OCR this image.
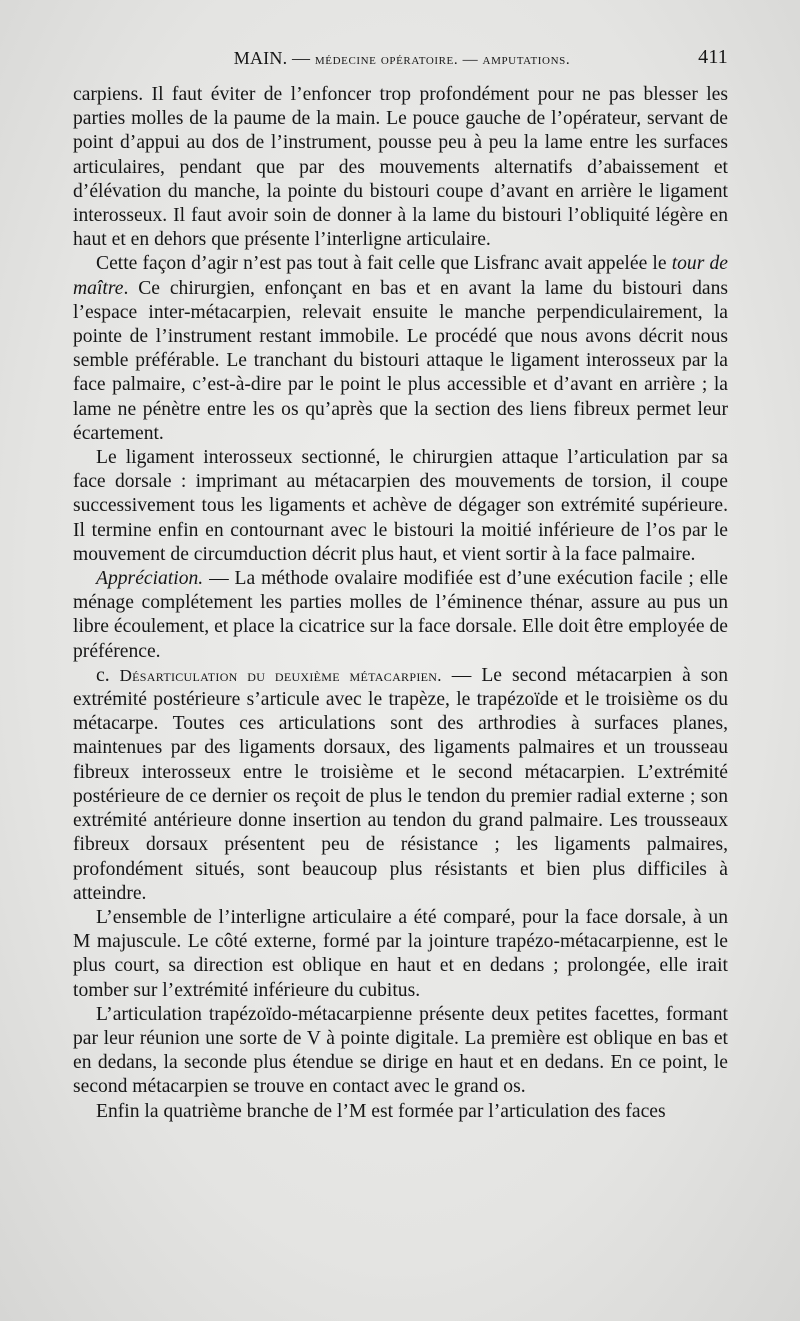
MAIN. — médecine opératoire. — amputations.	411

carpiens. Il faut éviter de l’enfoncer trop profondément pour ne pas blesser les parties molles de la paume de la main. Le pouce gauche de l’opérateur, servant de point d’appui au dos de l’instrument, pousse peu à peu la lame entre les surfaces articulaires, pendant que par des mouvements alternatifs d’abaissement et d’élévation du manche, la pointe du bistouri coupe d’avant en arrière le ligament interosseux. Il faut avoir soin de donner à la lame du bistouri l’obliquité légère en haut et en dehors que présente l’interligne articulaire.

Cette façon d’agir n’est pas tout à fait celle que Lisfranc avait appelée le tour de maître. Ce chirurgien, enfonçant en bas et en avant la lame du bistouri dans l’espace inter-métacarpien, relevait ensuite le manche perpendiculairement, la pointe de l’instrument restant immobile. Le procédé que nous avons décrit nous semble préférable. Le tranchant du bistouri attaque le ligament interosseux par la face palmaire, c’est-à-dire par le point le plus accessible et d’avant en arrière ; la lame ne pénètre entre les os qu’après que la section des liens fibreux permet leur écartement.

Le ligament interosseux sectionné, le chirurgien attaque l’articulation par sa face dorsale : imprimant au métacarpien des mouvements de torsion, il coupe successivement tous les ligaments et achève de dégager son extrémité supérieure. Il termine enfin en contournant avec le bistouri la moitié inférieure de l’os par le mouvement de circumduction décrit plus haut, et vient sortir à la face palmaire.

Appréciation. — La méthode ovalaire modifiée est d’une exécution facile ; elle ménage complétement les parties molles de l’éminence thénar, assure au pus un libre écoulement, et place la cicatrice sur la face dorsale. Elle doit être employée de préférence.

c. Désarticulation du deuxième métacarpien. — Le second métacarpien à son extrémité postérieure s’articule avec le trapèze, le trapézoïde et le troisième os du métacarpe. Toutes ces articulations sont des arthrodies à surfaces planes, maintenues par des ligaments dorsaux, des ligaments palmaires et un trousseau fibreux interosseux entre le troisième et le second métacarpien. L’extrémité postérieure de ce dernier os reçoit de plus le tendon du premier radial externe ; son extrémité antérieure donne insertion au tendon du grand palmaire. Les trousseaux fibreux dorsaux présentent peu de résistance ; les ligaments palmaires, profondément situés, sont beaucoup plus résistants et bien plus difficiles à atteindre.

L’ensemble de l’interligne articulaire a été comparé, pour la face dorsale, à un M majuscule. Le côté externe, formé par la jointure trapézo-métacarpienne, est le plus court, sa direction est oblique en haut et en dedans ; prolongée, elle irait tomber sur l’extrémité inférieure du cubitus.

L’articulation trapézoïdo-métacarpienne présente deux petites facettes, formant par leur réunion une sorte de V à pointe digitale. La première est oblique en bas et en dedans, la seconde plus étendue se dirige en haut et en dedans. En ce point, le second métacarpien se trouve en contact avec le grand os.

Enfin la quatrième branche de l’M est formée par l’articulation des faces
